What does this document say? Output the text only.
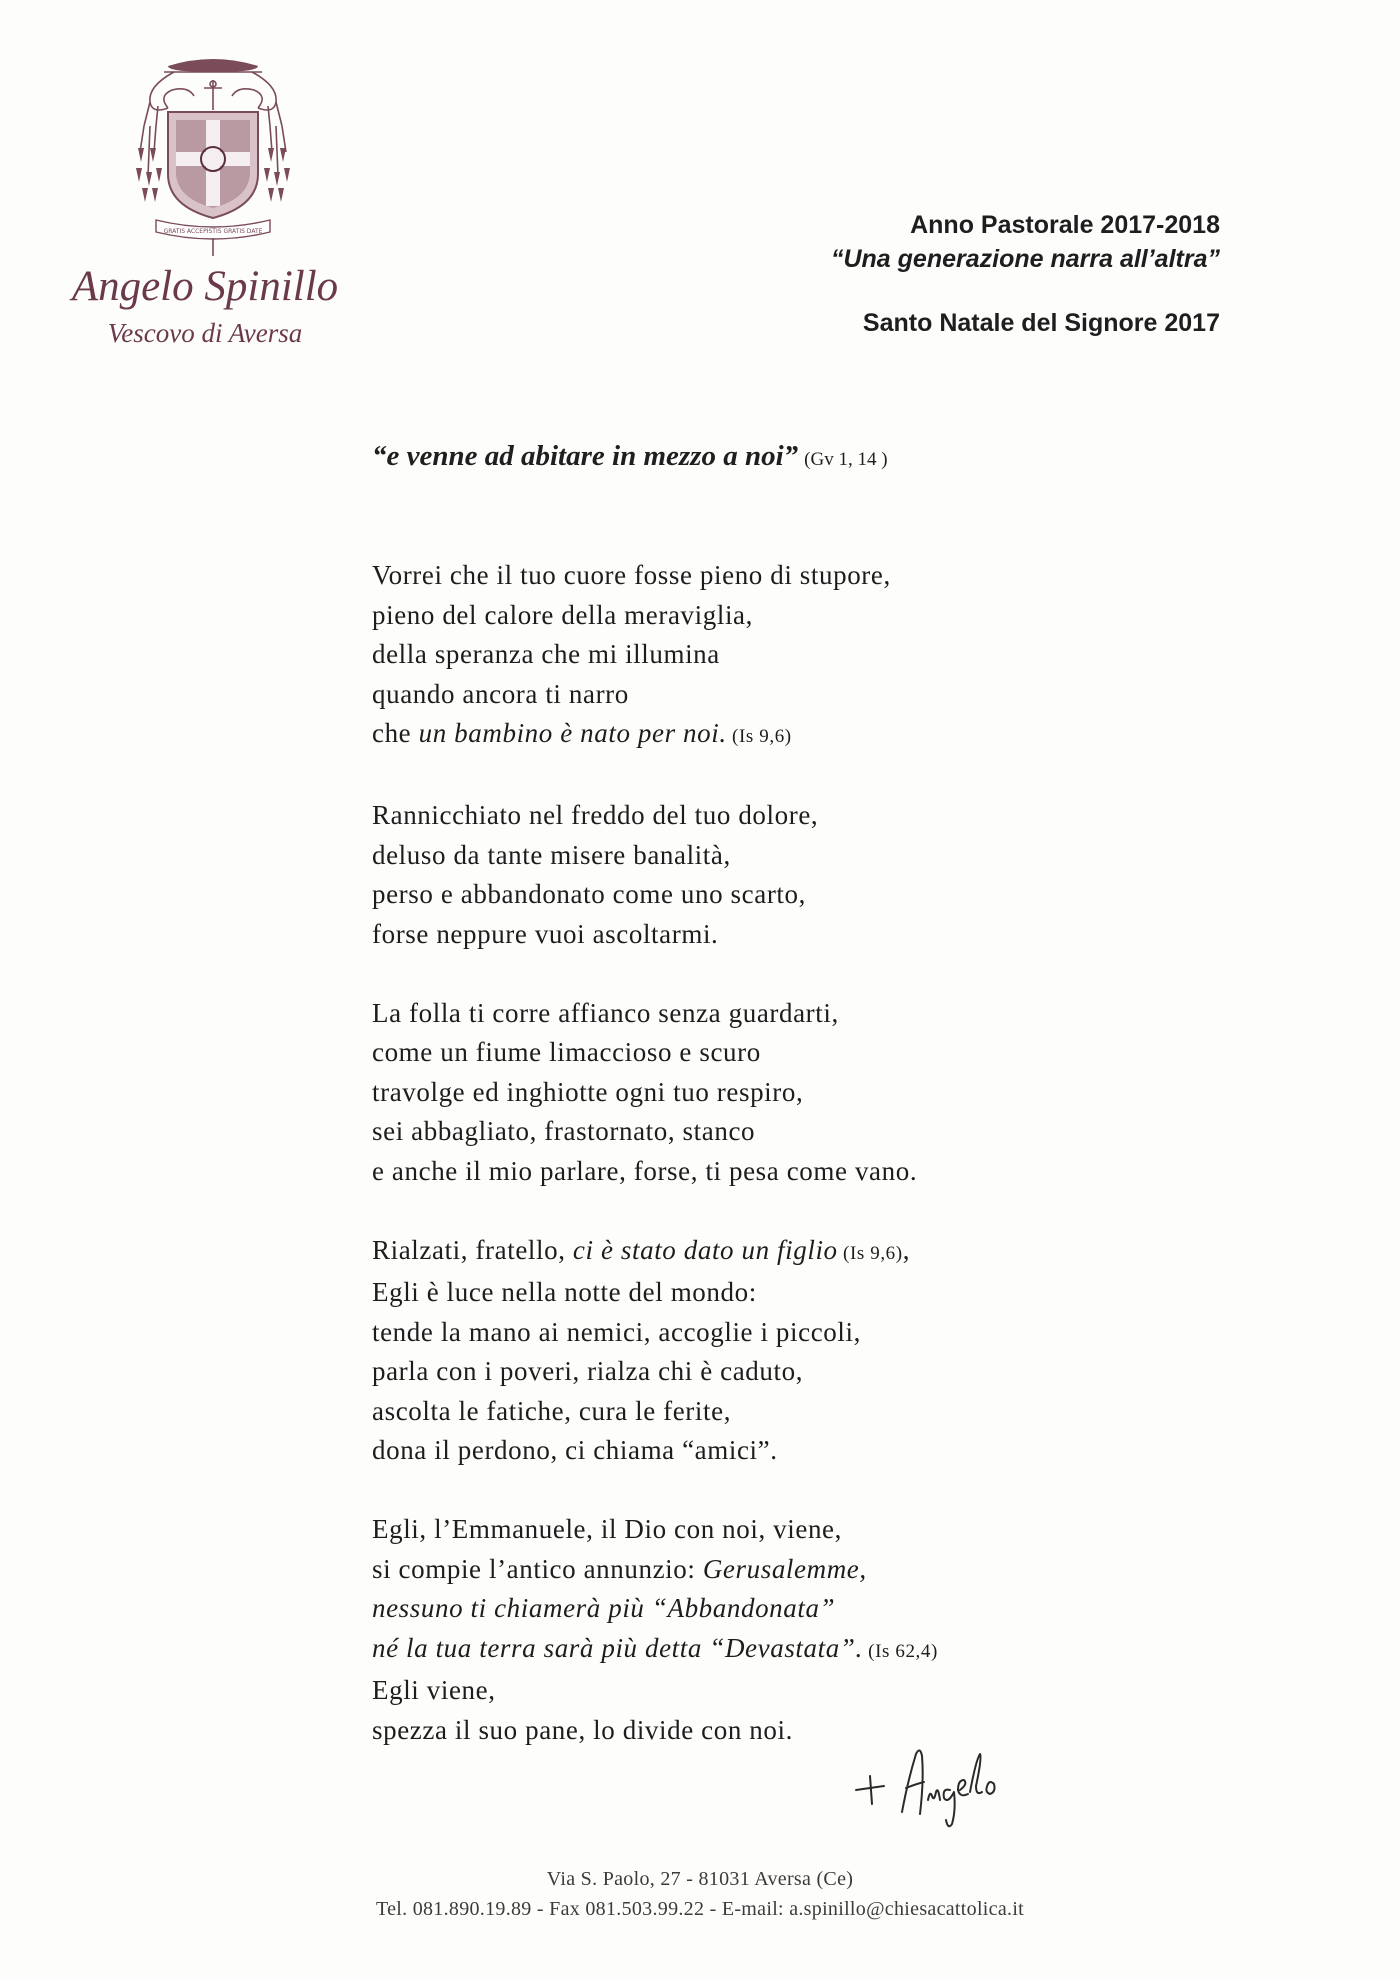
GRATIS ACCEPISTIS GRATIS DATE
Angelo Spinillo
Vescovo di Aversa
Anno Pastorale 2017-2018
“Una generazione narra all’altra”
Santo Natale del Signore 2017
“e venne ad abitare in mezzo a noi” (Gv 1, 14 )
Vorrei che il tuo cuore fosse pieno di stupore,
pieno del calore della meraviglia,
della speranza che mi illumina
quando ancora ti narro
che un bambino è nato per noi. (Is 9,6)
Rannicchiato nel freddo del tuo dolore,
deluso da tante misere banalità,
perso e abbandonato come uno scarto,
forse neppure vuoi ascoltarmi.
La folla ti corre affianco senza guardarti,
come un fiume limaccioso e scuro
travolge ed inghiotte ogni tuo respiro,
sei abbagliato, frastornato, stanco
e anche il mio parlare, forse, ti pesa come vano.
Rialzati, fratello, ci è stato dato un figlio (Is 9,6),
Egli è luce nella notte del mondo:
tende la mano ai nemici, accoglie i piccoli,
parla con i poveri, rialza chi è caduto,
ascolta le fatiche, cura le ferite,
dona il perdono, ci chiama “amici”.
Egli, l’Emmanuele, il Dio con noi, viene,
si compie l’antico annunzio: Gerusalemme,
nessuno ti chiamerà più “Abbandonata”
né la tua terra sarà più detta “Devastata”. (Is 62,4)
Egli viene,
spezza il suo pane, lo divide con noi.
Via S. Paolo, 27 - 81031 Aversa (Ce)
Tel. 081.890.19.89 - Fax 081.503.99.22 - E-mail: a.spinillo@chiesacattolica.it
